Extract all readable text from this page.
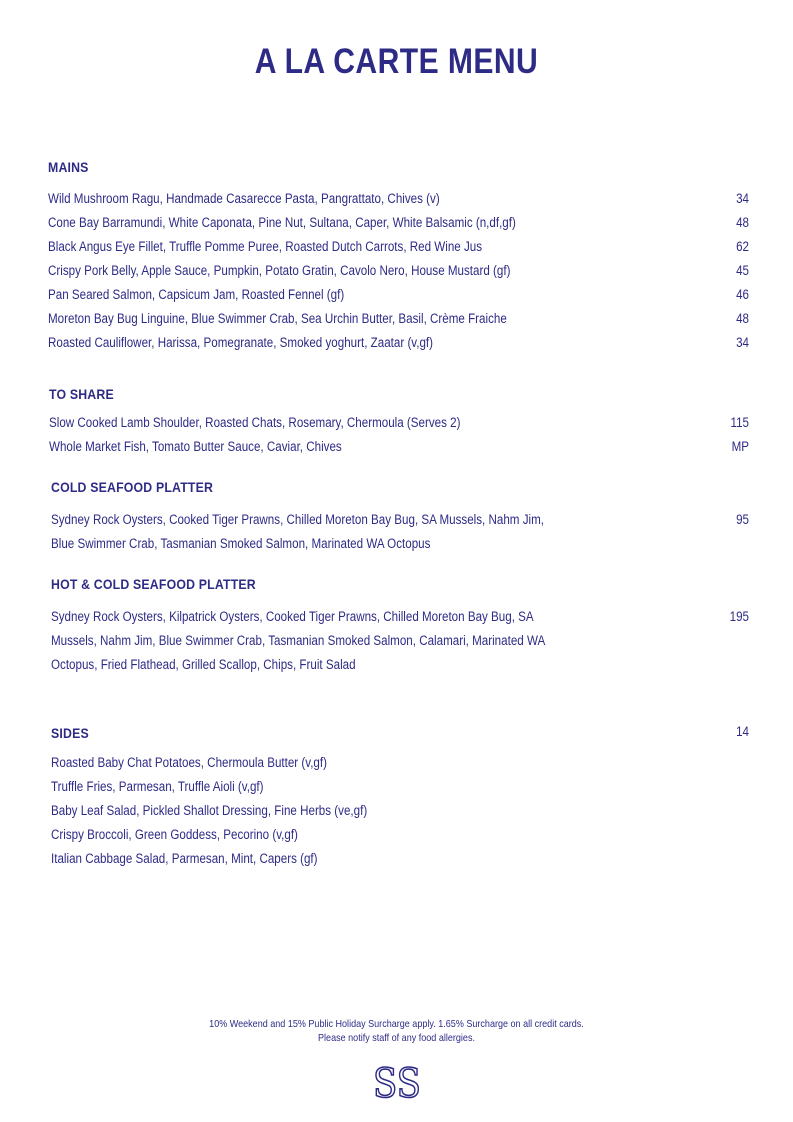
A LA CARTE MENU
MAINS
Wild Mushroom Ragu, Handmade Casarecce Pasta, Pangrattato, Chives (v)	34
Cone Bay Barramundi, White Caponata, Pine Nut, Sultana, Caper, White Balsamic (n,df,gf)	48
Black Angus Eye Fillet, Truffle Pomme Puree, Roasted Dutch Carrots, Red Wine Jus	62
Crispy Pork Belly, Apple Sauce, Pumpkin, Potato Gratin, Cavolo Nero, House Mustard (gf)	45
Pan Seared Salmon, Capsicum Jam, Roasted Fennel (gf)	46
Moreton Bay Bug Linguine, Blue Swimmer Crab, Sea Urchin Butter, Basil, Crème Fraiche	48
Roasted Cauliflower, Harissa, Pomegranate, Smoked yoghurt, Zaatar (v,gf)	34
TO SHARE
Slow Cooked Lamb Shoulder, Roasted Chats, Rosemary, Chermoula (Serves 2)	115
Whole Market Fish, Tomato Butter Sauce, Caviar, Chives	MP
COLD SEAFOOD PLATTER
Sydney Rock Oysters, Cooked Tiger Prawns, Chilled Moreton Bay Bug, SA Mussels, Nahm Jim,	95
Blue Swimmer Crab, Tasmanian Smoked Salmon, Marinated WA Octopus
HOT & COLD SEAFOOD PLATTER
Sydney Rock Oysters, Kilpatrick Oysters, Cooked Tiger Prawns, Chilled Moreton Bay Bug, SA	195
Mussels, Nahm Jim, Blue Swimmer Crab, Tasmanian Smoked Salmon, Calamari, Marinated WA
Octopus, Fried Flathead, Grilled Scallop, Chips, Fruit Salad
SIDES	14
Roasted Baby Chat Potatoes, Chermoula Butter (v,gf)
Truffle Fries, Parmesan, Truffle Aioli (v,gf)
Baby Leaf Salad, Pickled Shallot Dressing, Fine Herbs (ve,gf)
Crispy Broccoli, Green Goddess, Pecorino (v,gf)
Italian Cabbage Salad, Parmesan, Mint, Capers (gf)
10% Weekend and 15% Public Holiday Surcharge apply. 1.65% Surcharge on all credit cards.
Please notify staff of any food allergies.
SS
